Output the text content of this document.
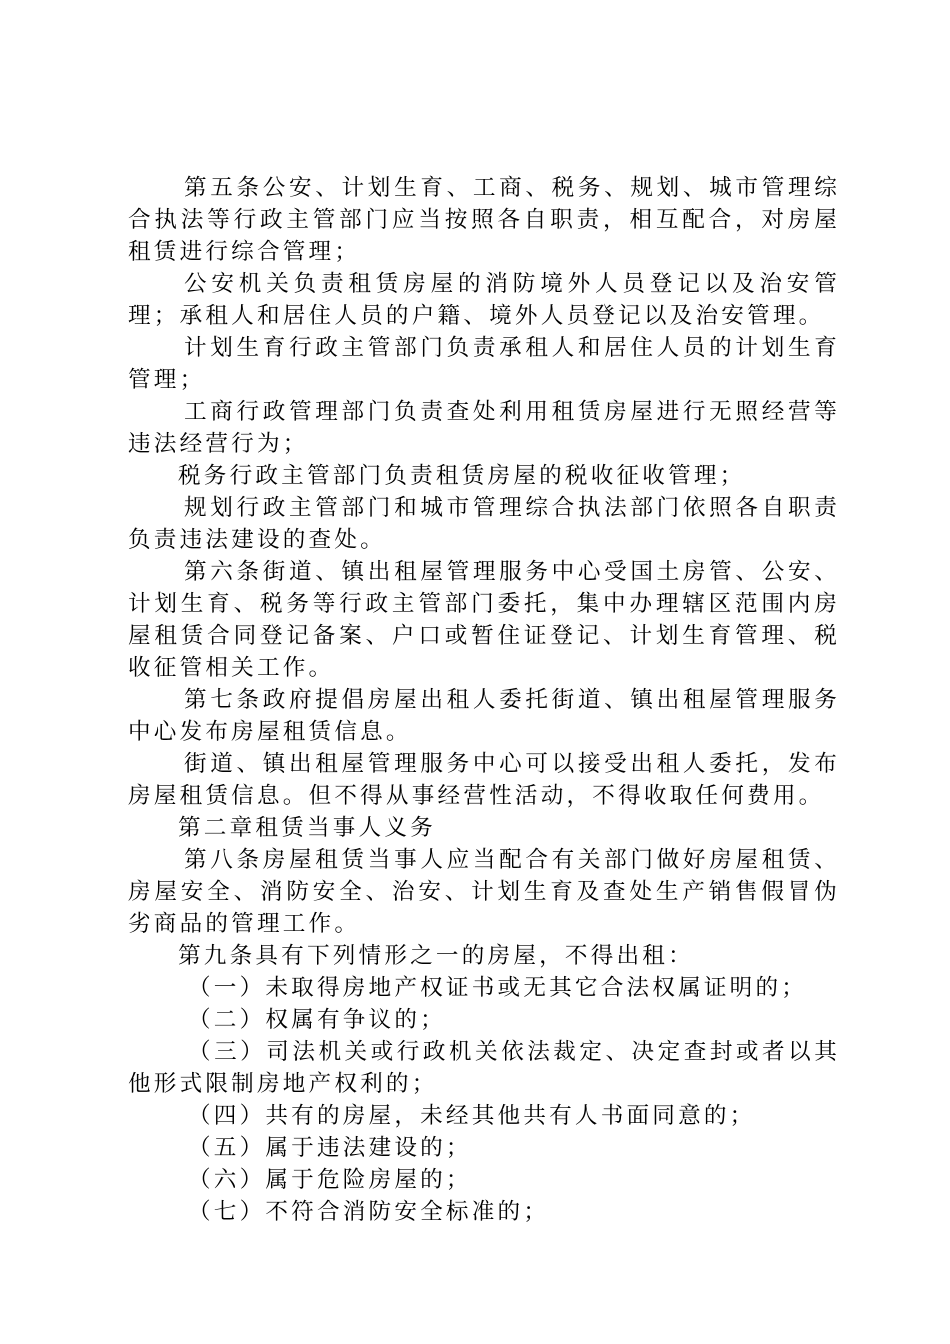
第五条公安、计划生育、工商、税务、规划、城市管理综合执法等行政主管部门应当按照各自职责，相互配合，对房屋租赁进行综合管理；

公安机关负责租赁房屋的消防境外人员登记以及治安管理；承租人和居住人员的户籍、境外人员登记以及治安管理。

计划生育行政主管部门负责承租人和居住人员的计划生育管理；

工商行政管理部门负责查处利用租赁房屋进行无照经营等违法经营行为；

税务行政主管部门负责租赁房屋的税收征收管理；

规划行政主管部门和城市管理综合执法部门依照各自职责负责违法建设的查处。

第六条街道、镇出租屋管理服务中心受国土房管、公安、计划生育、税务等行政主管部门委托，集中办理辖区范围内房屋租赁合同登记备案、户口或暂住证登记、计划生育管理、税收征管相关工作。

第七条政府提倡房屋出租人委托街道、镇出租屋管理服务中心发布房屋租赁信息。

街道、镇出租屋管理服务中心可以接受出租人委托，发布房屋租赁信息。但不得从事经营性活动，不得收取任何费用。

第二章租赁当事人义务

第八条房屋租赁当事人应当配合有关部门做好房屋租赁、房屋安全、消防安全、治安、计划生育及查处生产销售假冒伪劣商品的管理工作。

第九条具有下列情形之一的房屋，不得出租：

（一）未取得房地产权证书或无其它合法权属证明的；

（二）权属有争议的；

（三）司法机关或行政机关依法裁定、决定查封或者以其他形式限制房地产权利的；

（四）共有的房屋，未经其他共有人书面同意的；

（五）属于违法建设的；

（六）属于危险房屋的；

（七）不符合消防安全标准的；
